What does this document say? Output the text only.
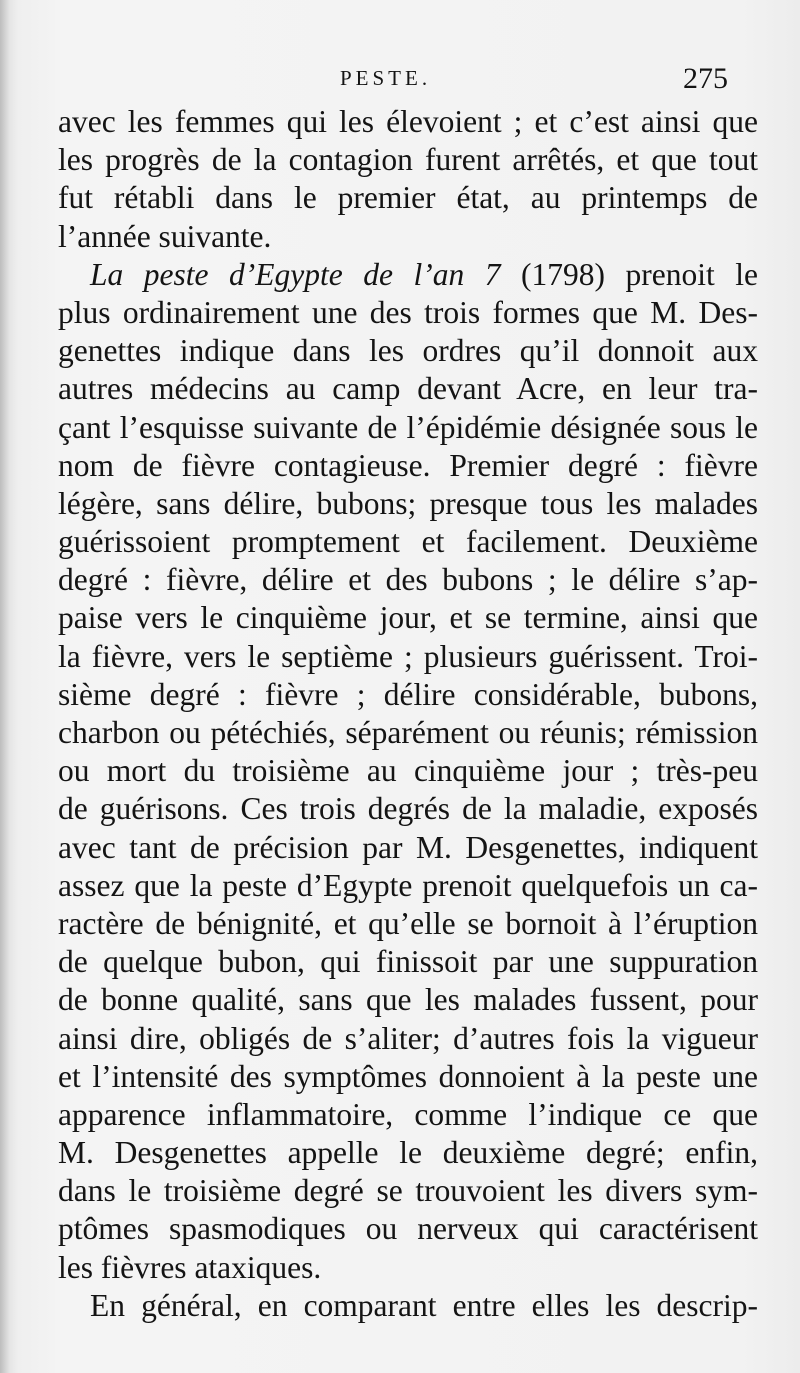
PESTE.	275
avec les femmes qui les élevoient ; et c’est ainsi que
les progrès de la contagion furent arrêtés, et que tout
fut rétabli dans le premier état, au printemps de
l’année suivante.
La peste d’Egypte de l’an 7 (1798) prenoit le
plus ordinairement une des trois formes que M. Des-
genettes indique dans les ordres qu’il donnoit aux
autres médecins au camp devant Acre, en leur tra-
çant l’esquisse suivante de l’épidémie désignée sous le
nom de fièvre contagieuse. Premier degré : fièvre
légère, sans délire, bubons; presque tous les malades
guérissoient promptement et facilement. Deuxième
degré : fièvre, délire et des bubons ; le délire s’ap-
paise vers le cinquième jour, et se termine, ainsi que
la fièvre, vers le septième ; plusieurs guérissent. Troi-
sième degré : fièvre ; délire considérable, bubons,
charbon ou pétéchiés, séparément ou réunis; rémission
ou mort du troisième au cinquième jour ; très-peu
de guérisons. Ces trois degrés de la maladie, exposés
avec tant de précision par M. Desgenettes, indiquent
assez que la peste d’Egypte prenoit quelquefois un ca-
ractère de bénignité, et qu’elle se bornoit à l’éruption
de quelque bubon, qui finissoit par une suppuration
de bonne qualité, sans que les malades fussent, pour
ainsi dire, obligés de s’aliter; d’autres fois la vigueur
et l’intensité des symptômes donnoient à la peste une
apparence inflammatoire, comme l’indique ce que
M. Desgenettes appelle le deuxième degré; enfin,
dans le troisième degré se trouvoient les divers sym-
ptômes spasmodiques ou nerveux qui caractérisent
les fièvres ataxiques.
En général, en comparant entre elles les descrip-
